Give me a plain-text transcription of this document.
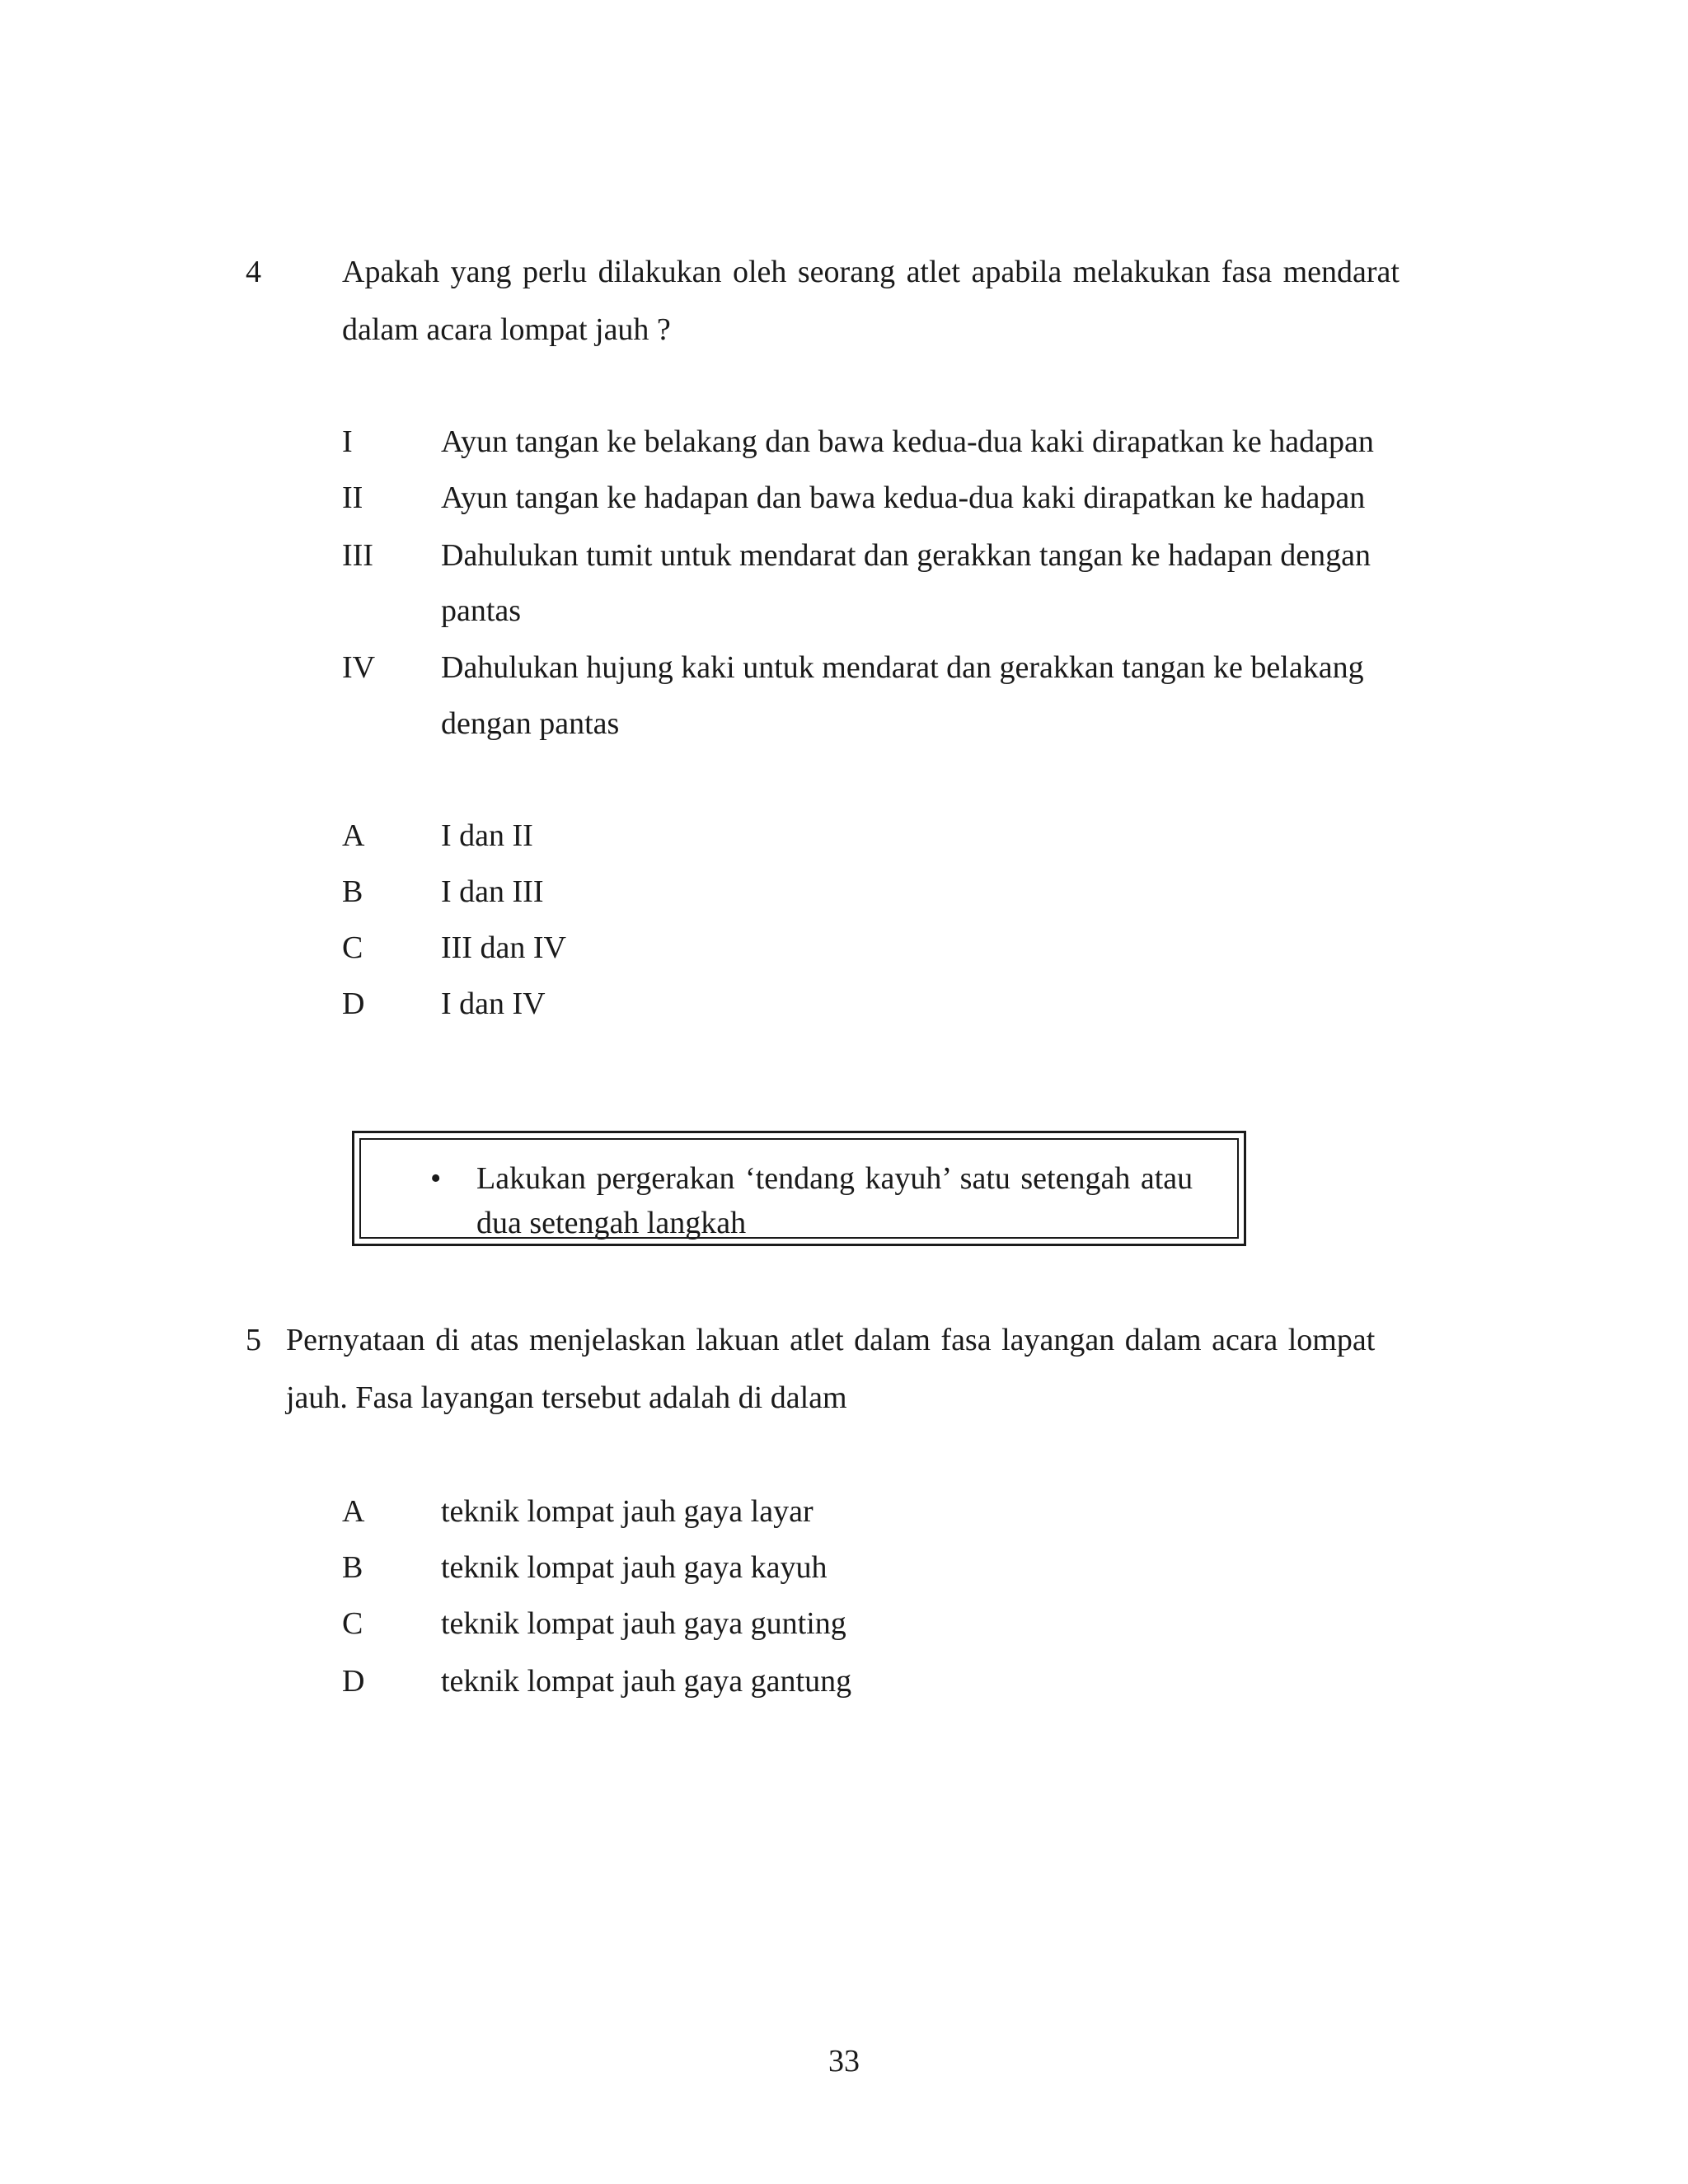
4	Apakah yang perlu dilakukan oleh seorang atlet apabila melakukan fasa mendarat
dalam acara lompat jauh ?
I	Ayun tangan ke belakang dan bawa kedua-dua kaki dirapatkan ke hadapan
II Ayun tangan ke hadapan dan bawa kedua-dua kaki dirapatkan ke hadapan
III Dahulukan tumit untuk mendarat dan gerakkan tangan ke hadapan dengan
pantas
IV Dahulukan hujung kaki untuk mendarat dan gerakkan tangan ke belakang
dengan pantas
A I dan II
B I dan III
C III dan IV
D I dan IV
• Lakukan pergerakan ‘tendang kayuh’ satu setengah atau
dua setengah langkah
5 Pernyataan di atas menjelaskan lakuan atlet dalam fasa layangan dalam acara lompat
jauh. Fasa layangan tersebut adalah di dalam
A teknik lompat jauh gaya layar
B teknik lompat jauh gaya kayuh
C teknik lompat jauh gaya gunting
D teknik lompat jauh gaya gantung
33
